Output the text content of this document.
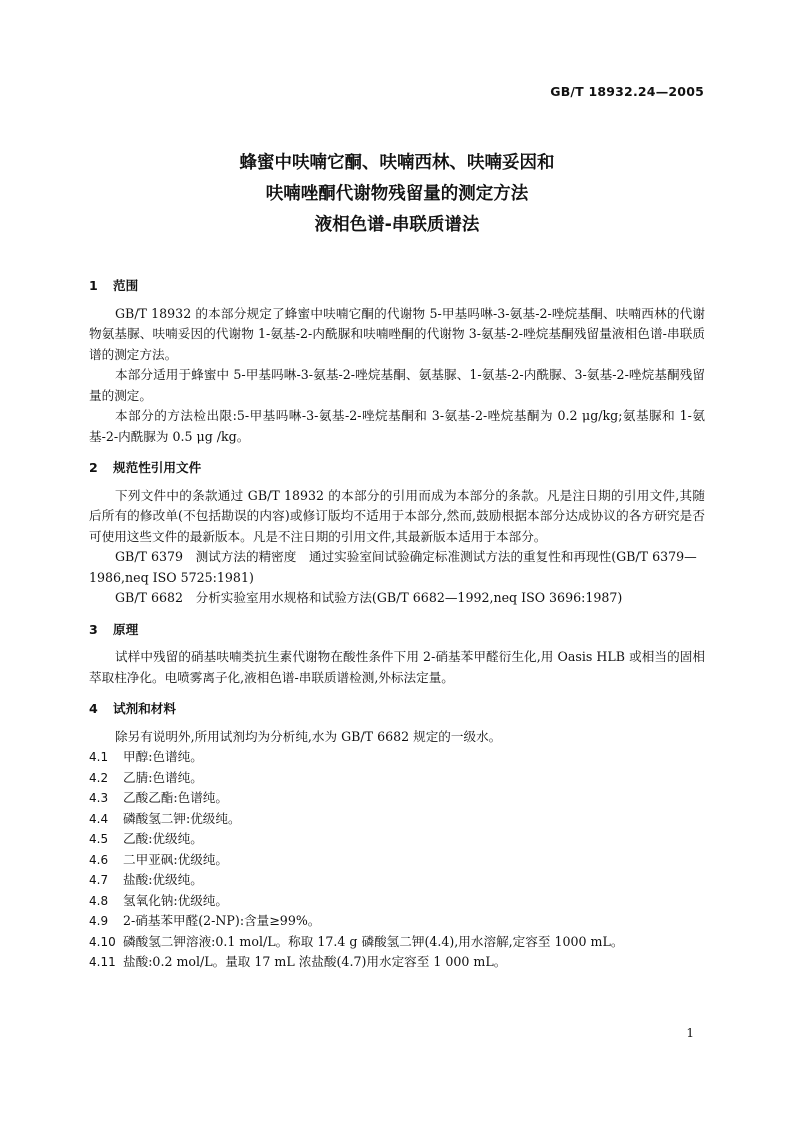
GB/T 18932.24—2005
蜂蜜中呋喃它酮、呋喃西林、呋喃妥因和
呋喃唑酮代谢物残留量的测定方法
液相色谱-串联质谱法
1 范围

GB/T 18932 的本部分规定了蜂蜜中呋喃它酮的代谢物 5-甲基吗啉-3-氨基-2-唑烷基酮、呋喃西林的代谢物氨基脲、呋喃妥因的代谢物 1-氨基-2-内酰脲和呋喃唑酮的代谢物 3-氨基-2-唑烷基酮残留量液相色谱-串联质谱的测定方法。

本部分适用于蜂蜜中 5-甲基吗啉-3-氨基-2-唑烷基酮、氨基脲、1-氨基-2-内酰脲、3-氨基-2-唑烷基酮残留量的测定。

本部分的方法检出限:5-甲基吗啉-3-氨基-2-唑烷基酮和 3-氨基-2-唑烷基酮为 0.2 μg/kg;氨基脲和 1-氨基-2-内酰脲为 0.5 μg /kg。

2 规范性引用文件

下列文件中的条款通过 GB/T 18932 的本部分的引用而成为本部分的条款。凡是注日期的引用文件,其随后所有的修改单(不包括勘误的内容)或修订版均不适用于本部分,然而,鼓励根据本部分达成协议的各方研究是否可使用这些文件的最新版本。凡是不注日期的引用文件,其最新版本适用于本部分。

GB/T 6379　测试方法的精密度　通过实验室间试验确定标准测试方法的重复性和再现性(GB/T 6379—1986,neq ISO 5725:1981)

GB/T 6682　分析实验室用水规格和试验方法(GB/T 6682—1992,neq ISO 3696:1987)

3 原理

试样中残留的硝基呋喃类抗生素代谢物在酸性条件下用 2-硝基苯甲醛衍生化,用 Oasis HLB 或相当的固相萃取柱净化。电喷雾离子化,液相色谱-串联质谱检测,外标法定量。

4 试剂和材料

除另有说明外,所用试剂均为分析纯,水为 GB/T 6682 规定的一级水。

4.1 甲醇:色谱纯。

4.2 乙腈:色谱纯。

4.3 乙酸乙酯:色谱纯。

4.4 磷酸氢二钾:优级纯。

4.5 乙酸:优级纯。

4.6 二甲亚砜:优级纯。

4.7 盐酸:优级纯。

4.8 氢氧化钠:优级纯。

4.9 2-硝基苯甲醛(2-NP):含量≥99%。

4.10 磷酸氢二钾溶液:0.1 mol/L。称取 17.4 g 磷酸氢二钾(4.4),用水溶解,定容至 1000 mL。

4.11 盐酸:0.2 mol/L。量取 17 mL 浓盐酸(4.7)用水定容至 1 000 mL。

1
